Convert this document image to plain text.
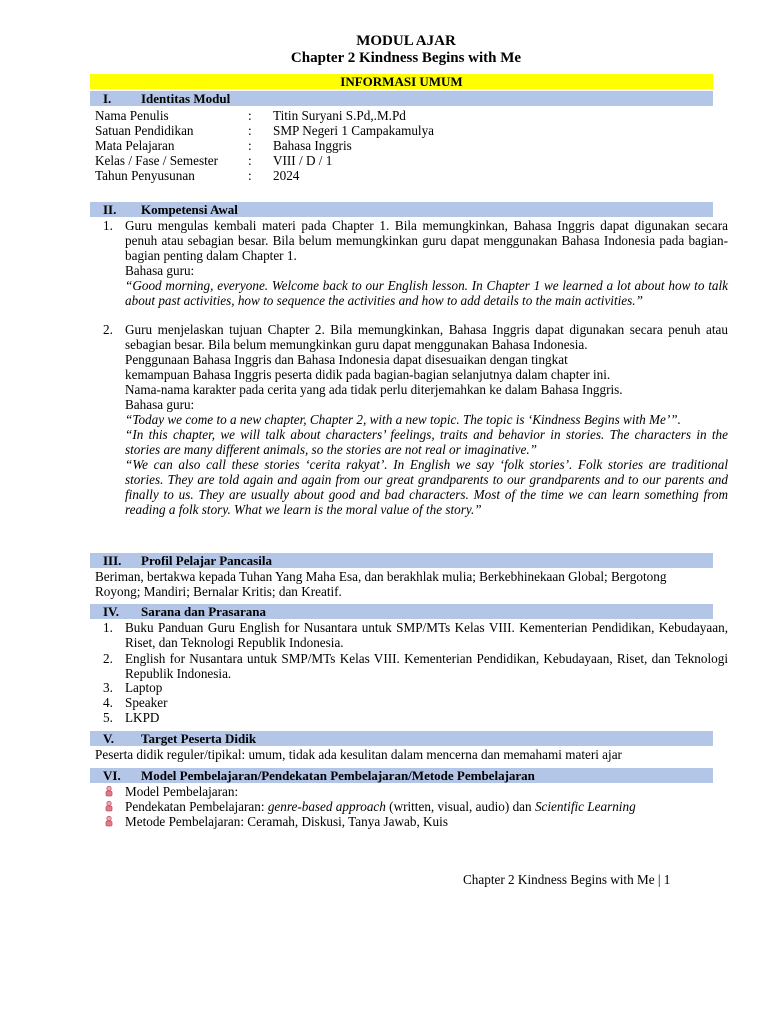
MODUL AJAR
Chapter 2 Kindness Begins with Me
INFORMASI UMUM
I. Identitas Modul
Nama Penulis	: Titin Suryani S.Pd,.M.Pd
Satuan Pendidikan	: SMP Negeri 1 Campakamulya
Mata Pelajaran	: Bahasa Inggris
Kelas / Fase / Semester : VIII / D / 1
Tahun Penyusunan	: 2024
II. Kompetensi Awal
1. Guru mengulas kembali materi pada Chapter 1. Bila memungkinkan, Bahasa Inggris dapat digunakan secara penuh atau sebagian besar. Bila belum memungkinkan guru dapat menggunakan Bahasa Indonesia pada bagian-bagian penting dalam Chapter 1.

Bahasa guru:

“Good morning, everyone. Welcome back to our English lesson. In Chapter 1 we learned a lot about how to talk about past activities, how to sequence the activities and how to add details to the main activities.”

2. Guru menjelaskan tujuan Chapter 2. Bila memungkinkan, Bahasa Inggris dapat digunakan secara penuh atau sebagian besar. Bila belum memungkinkan guru dapat menggunakan Bahasa Indonesia.

Penggunaan Bahasa Inggris dan Bahasa Indonesia dapat disesuaikan dengan tingkat

kemampuan Bahasa Inggris peserta didik pada bagian-bagian selanjutnya dalam chapter ini.

Nama-nama karakter pada cerita yang ada tidak perlu diterjemahkan ke dalam Bahasa Inggris.

Bahasa guru:

“Today we come to a new chapter, Chapter 2, with a new topic. The topic is ‘Kindness Begins with Me’”.

“In this chapter, we will talk about characters’ feelings, traits and behavior in stories. The characters in the stories are many different animals, so the stories are not real or imaginative.”

“We can also call these stories ‘cerita rakyat’. In English we say ‘folk stories’. Folk stories are traditional stories. They are told again and again from our great grandparents to our grandparents and to our parents and finally to us. They are usually about good and bad characters. Most of the time we can learn something from reading a folk story. What we learn is the moral value of the story.”

III. Profil Pelajar Pancasila
Beriman, bertakwa kepada Tuhan Yang Maha Esa, dan berakhlak mulia; Berkebhinekaan Global; Bergotong Royong; Mandiri; Bernalar Kritis; dan Kreatif.
IV. Sarana dan Prasarana
1. Buku Panduan Guru English for Nusantara untuk SMP/MTs Kelas VIII. Kementerian Pendidikan, Kebudayaan, Riset, dan Teknologi Republik Indonesia.
2. English for Nusantara untuk SMP/MTs Kelas VIII. Kementerian Pendidikan, Kebudayaan, Riset, dan Teknologi Republik Indonesia.
3. Laptop
4. Speaker
5. LKPD
V. Target Peserta Didik
Peserta didik reguler/tipikal: umum, tidak ada kesulitan dalam mencerna dan memahami materi ajar
VI. Model Pembelajaran/Pendekatan Pembelajaran/Metode Pembelajaran
Model Pembelajaran:
Pendekatan Pembelajaran: genre-based approach (written, visual, audio) dan Scientific Learning
Metode Pembelajaran: Ceramah, Diskusi, Tanya Jawab, Kuis
Chapter 2 Kindness Begins with Me | 1
